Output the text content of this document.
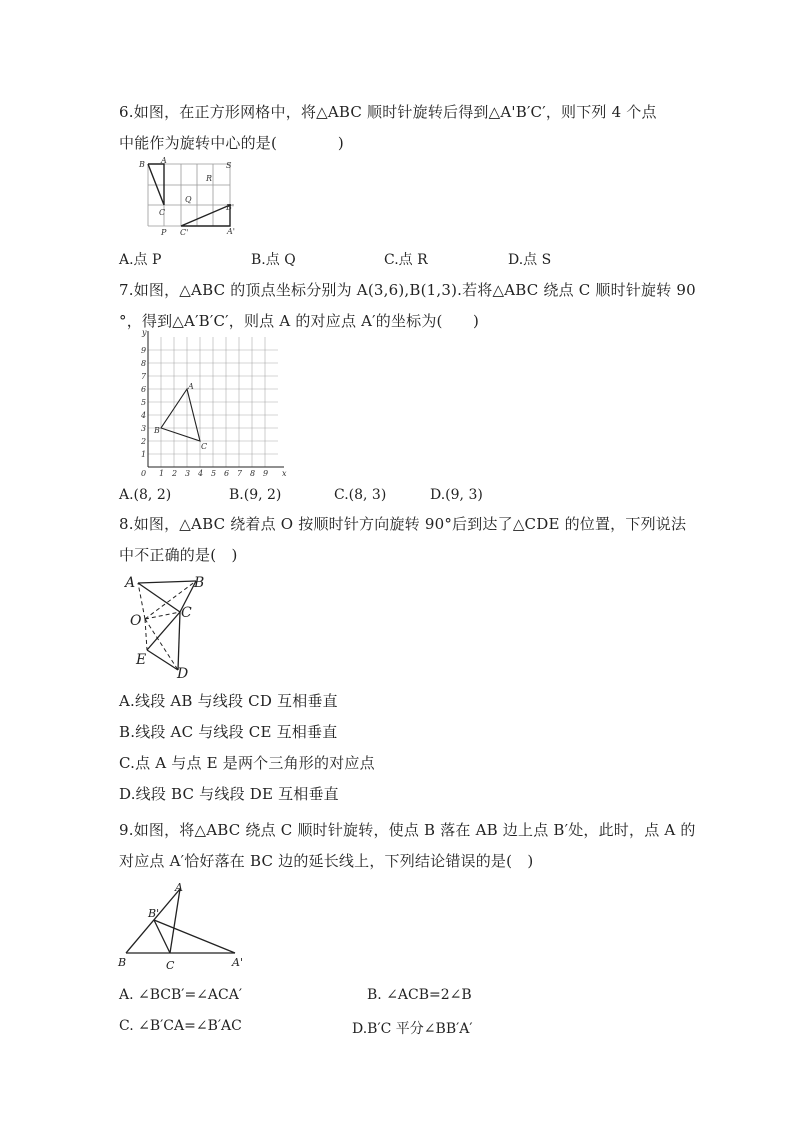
6.如图，在正方形网格中，将△ABC 顺时针旋转后得到△A'B′C′，则下列 4 个点
中能作为旋转中心的是(　　　　)
B A
S
R
Q
C
P C'
B'
A'
A.点 P	B.点 Q	C.点 R	D.点 S
7.如图，△ABC 的顶点坐标分别为 A(3,6),B(1,3).若将△ABC 绕点 C 顺时针旋转 90
°，得到△A′B′C′，则点 A 的对应点 A′的坐标为(　　)
1 2 3 4 5 6 7 8 9
1
2
3
4
5
6
7
8
9
0
A
B
C
x
y
A.(8, 2)	B.(9, 2)	C.(8, 3)	D.(9, 3)
8.如图，△ABC 绕着点 O 按顺时针方向旋转 90°后到达了△CDE 的位置，下列说法
中不正确的是(　)
A	B
O	C
E
D
A.线段 AB 与线段 CD 互相垂直
B.线段 AC 与线段 CE 互相垂直
C.点 A 与点 E 是两个三角形的对应点
D.线段 BC 与线段 DE 互相垂直
9.如图，将△ABC 绕点 C 顺时针旋转，使点 B 落在 AB 边上点 B′处，此时，点 A 的
对应点 A′恰好落在 BC 边的延长线上，下列结论错误的是(　)
A
B'
B	C	A'
A. ∠BCB′=∠ACA′	B. ∠ACB=2∠B
C. ∠B′CA=∠B′AC	D.B′C 平分∠BB′A′
